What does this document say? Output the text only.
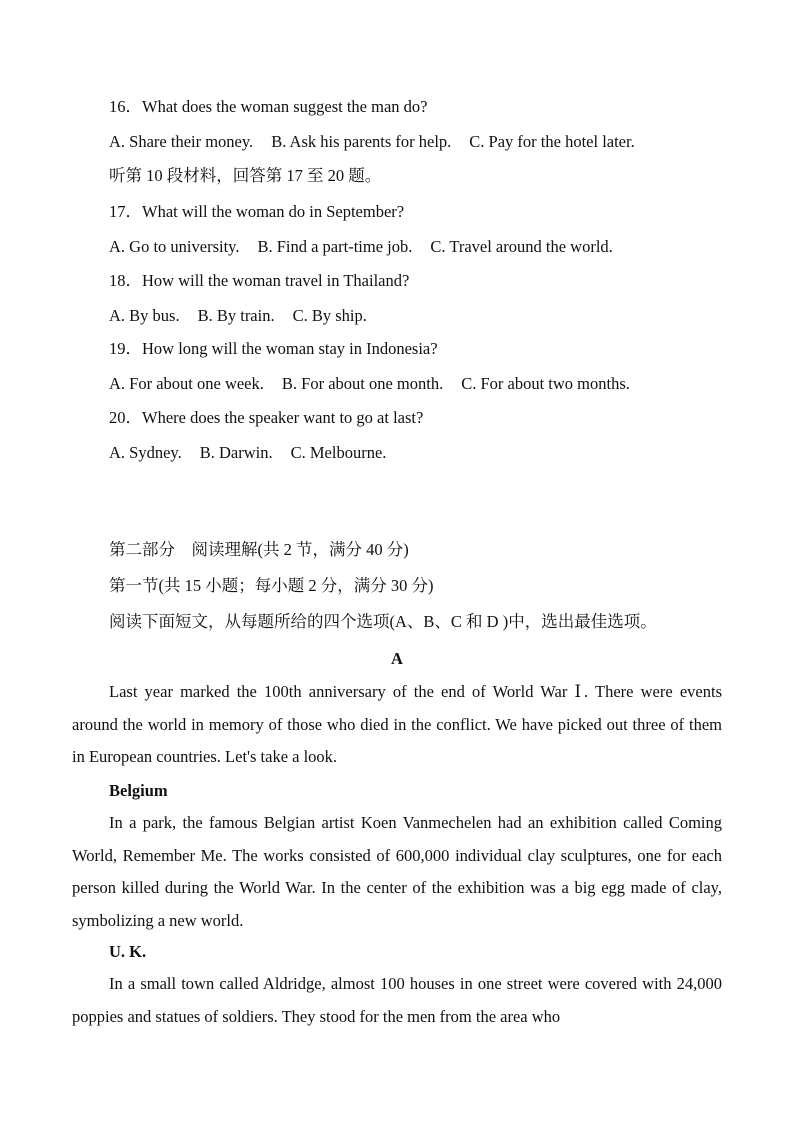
16．What does the woman suggest the man do?
A. Share their money. B. Ask his parents for help. C. Pay for the hotel later.
听第 10 段材料，回答第 17 至 20 题。
17．What will the woman do in September?
A. Go to university. B. Find a part-time job. C. Travel around the world.
18．How will the woman travel in Thailand?
A. By bus. B. By train. C. By ship.
19．How long will the woman stay in Indonesia?
A. For about one week. B. For about one month. C. For about two months.
20．Where does the speaker want to go at last?
A. Sydney. B. Darwin. C. Melbourne.
第二部分　阅读理解(共 2 节，满分 40 分)
第一节(共 15 小题；每小题 2 分，满分 30 分)
阅读下面短文，从每题所给的四个选项(A、B、C 和 D )中，选出最佳选项。
A
Last year marked the 100th anniversary of the end of World War Ⅰ. There were events around the world in memory of those who died in the conflict. We have picked out three of them in European countries. Let's take a look.
Belgium
In a park, the famous Belgian artist Koen Vanmechelen had an exhibition called Coming World, Remember Me. The works consisted of 600,000 individual clay sculptures, one for each person killed during the World War. In the center of the exhibition was a big egg made of clay, symbolizing a new world.
U. K.
In a small town called Aldridge, almost 100 houses in one street were covered with 24,000 poppies and statues of soldiers. They stood for the men from the area who
